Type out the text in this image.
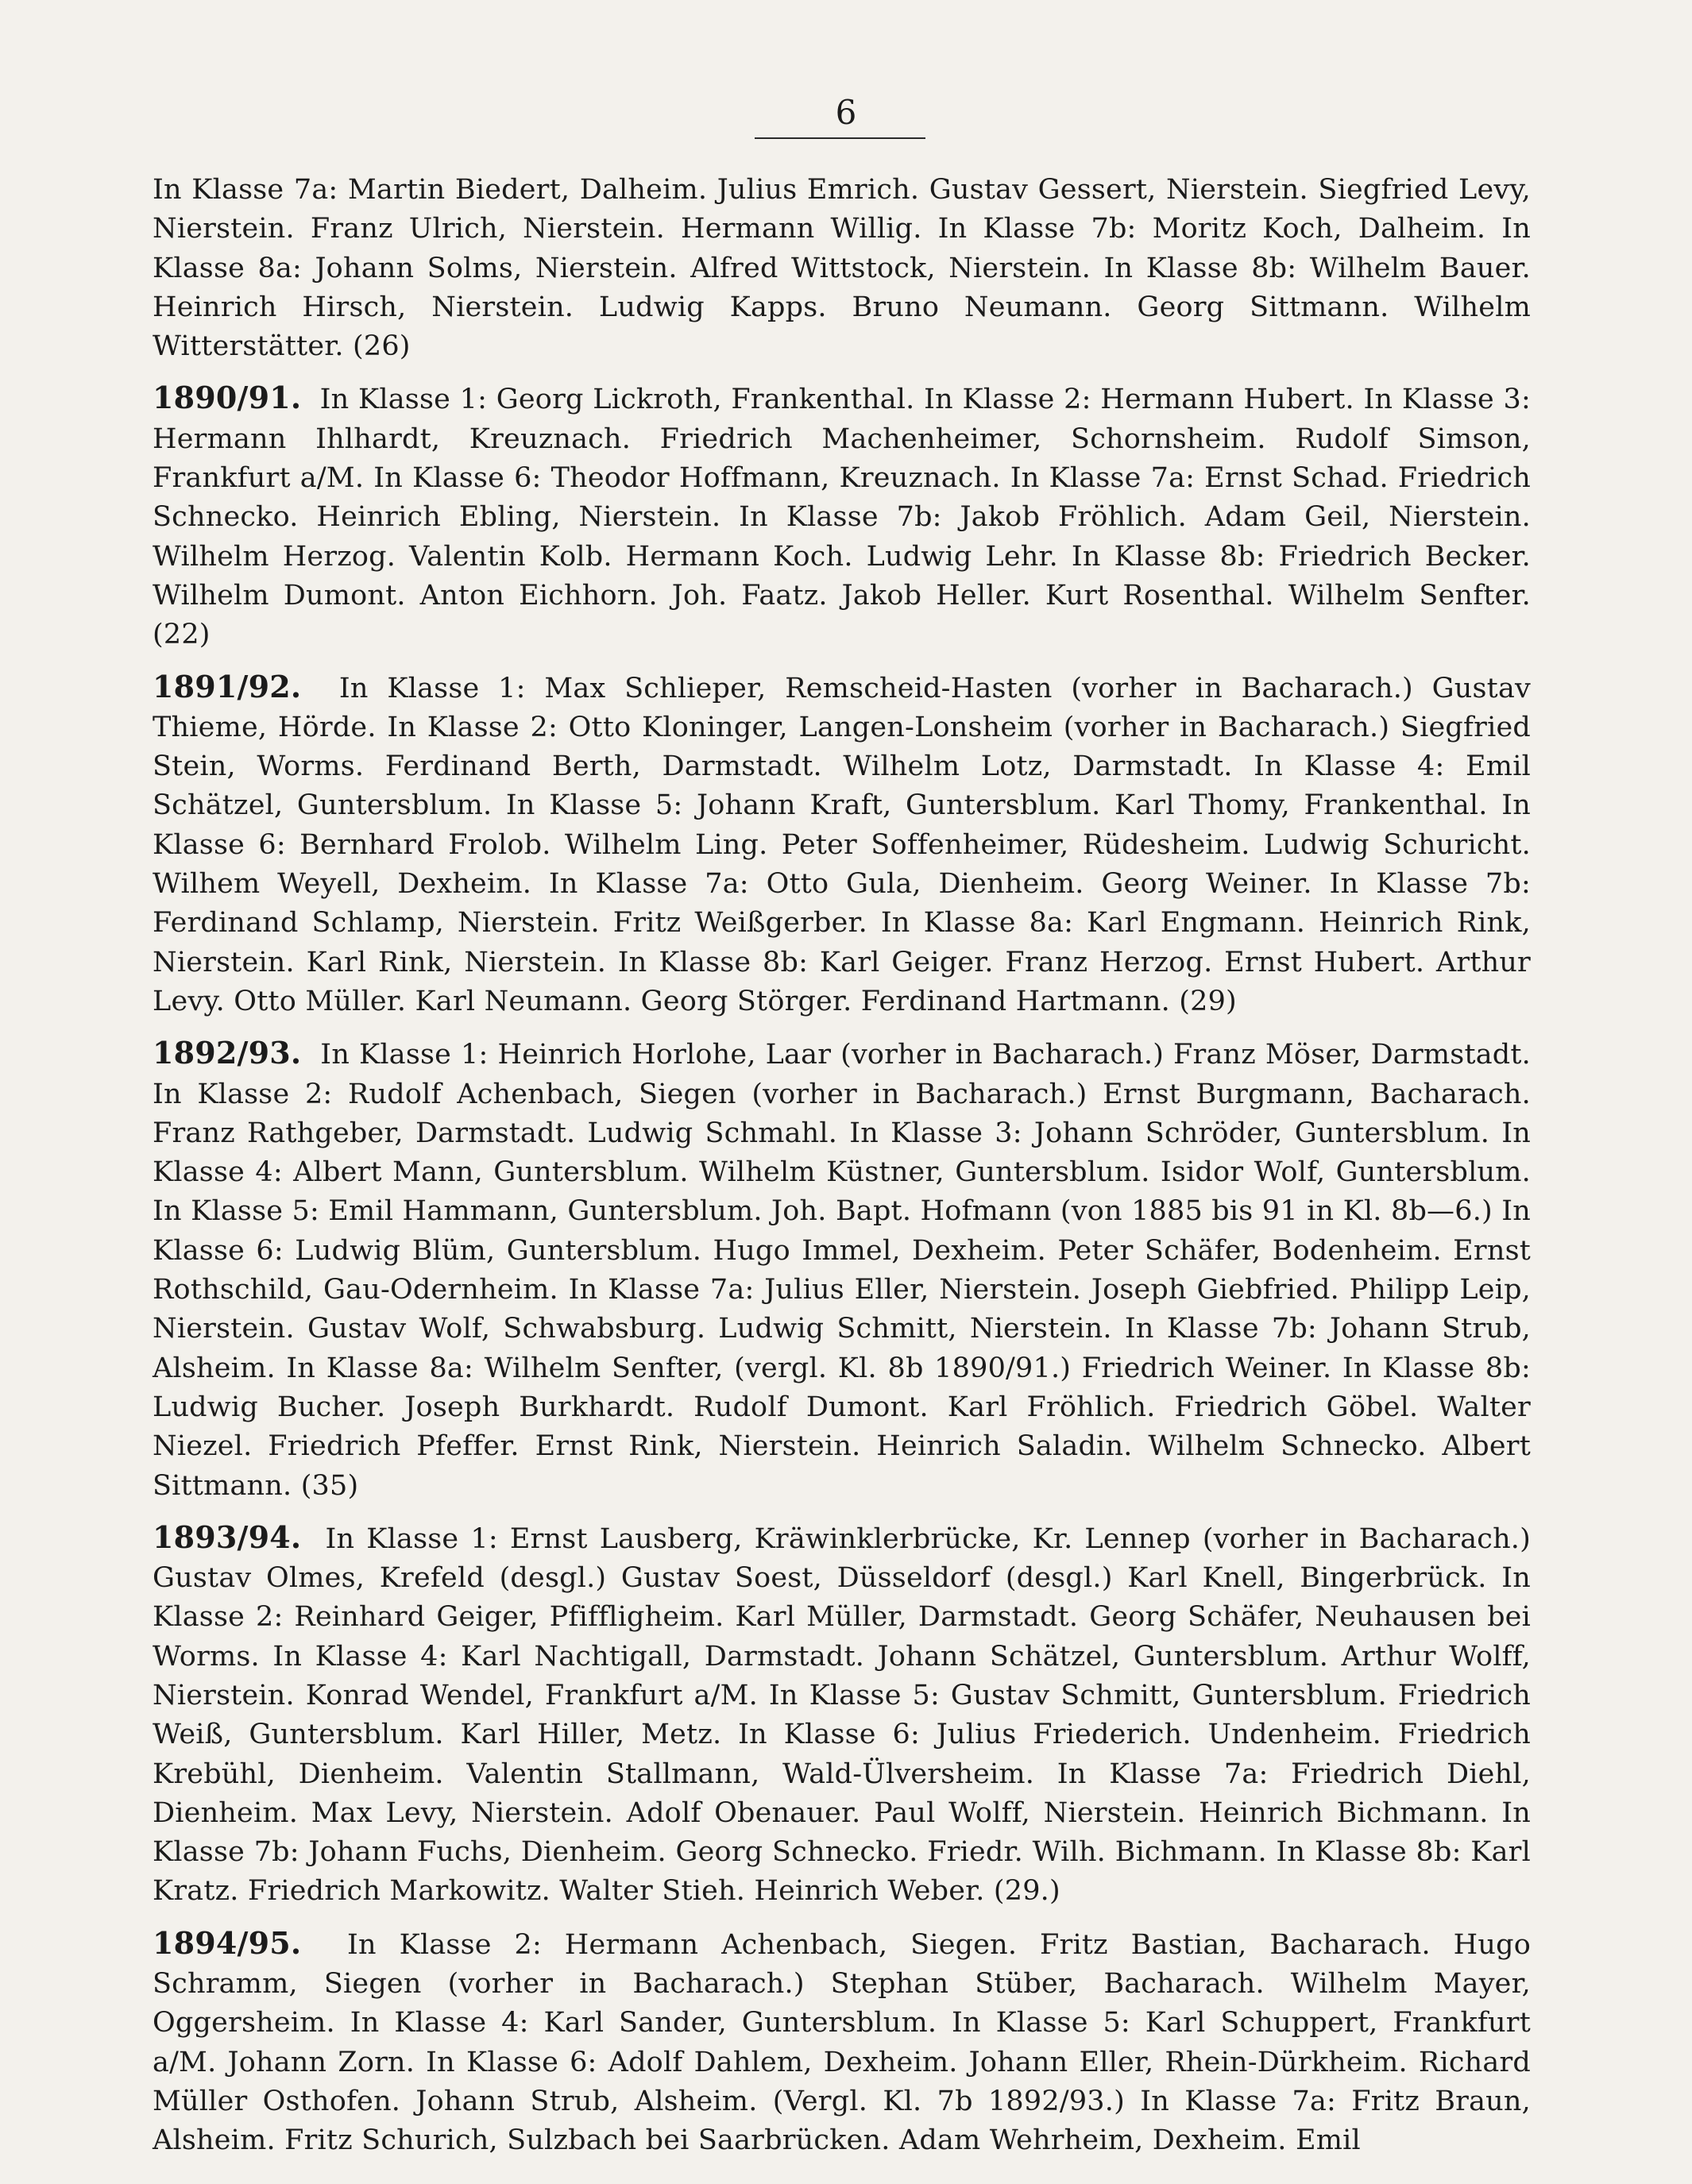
6

In Klasse 7a: Martin Biedert, Dalheim. Julius Emrich. Gustav Gessert, Nierstein. Siegfried Levy, Nierstein. Franz Ulrich, Nierstein. Hermann Willig. In Klasse 7b: Moritz Koch, Dalheim. In Klasse 8a: Johann Solms, Nierstein. Alfred Wittstock, Nierstein. In Klasse 8b: Wilhelm Bauer. Heinrich Hirsch, Nierstein. Ludwig Kapps. Bruno Neumann. Georg Sittmann. Wilhelm Witterstätter. (26)

1890/91. In Klasse 1: Georg Lickroth, Frankenthal. In Klasse 2: Hermann Hubert. In Klasse 3: Hermann Ihlhardt, Kreuznach. Friedrich Machenheimer, Schornsheim. Rudolf Simson, Frankfurt a/M. In Klasse 6: Theodor Hoffmann, Kreuznach. In Klasse 7a: Ernst Schad. Friedrich Schnecko. Heinrich Ebling, Nierstein. In Klasse 7b: Jakob Fröhlich. Adam Geil, Nierstein. Wilhelm Herzog. Valentin Kolb. Hermann Koch. Ludwig Lehr. In Klasse 8b: Friedrich Becker. Wilhelm Dumont. Anton Eichhorn. Joh. Faatz. Jakob Heller. Kurt Rosenthal. Wilhelm Senfter. (22)

1891/92. In Klasse 1: Max Schlieper, Remscheid-Hasten (vorher in Bacharach.) Gustav Thieme, Hörde. In Klasse 2: Otto Kloninger, Langen-Lonsheim (vorher in Bacharach.) Siegfried Stein, Worms. Ferdinand Berth, Darmstadt. Wilhelm Lotz, Darmstadt. In Klasse 4: Emil Schätzel, Guntersblum. In Klasse 5: Johann Kraft, Guntersblum. Karl Thomy, Frankenthal. In Klasse 6: Bernhard Frolob. Wilhelm Ling. Peter Soffenheimer, Rüdesheim. Ludwig Schuricht. Wilhem Weyell, Dexheim. In Klasse 7a: Otto Gula, Dienheim. Georg Weiner. In Klasse 7b: Ferdinand Schlamp, Nierstein. Fritz Weißgerber. In Klasse 8a: Karl Engmann. Heinrich Rink, Nierstein. Karl Rink, Nierstein. In Klasse 8b: Karl Geiger. Franz Herzog. Ernst Hubert. Arthur Levy. Otto Müller. Karl Neumann. Georg Störger. Ferdinand Hartmann. (29)

1892/93. In Klasse 1: Heinrich Horlohe, Laar (vorher in Bacharach.) Franz Möser, Darmstadt. In Klasse 2: Rudolf Achenbach, Siegen (vorher in Bacharach.) Ernst Burgmann, Bacharach. Franz Rathgeber, Darmstadt. Ludwig Schmahl. In Klasse 3: Johann Schröder, Guntersblum. In Klasse 4: Albert Mann, Guntersblum. Wilhelm Küstner, Guntersblum. Isidor Wolf, Guntersblum. In Klasse 5: Emil Hammann, Guntersblum. Joh. Bapt. Hofmann (von 1885 bis 91 in Kl. 8b—6.) In Klasse 6: Ludwig Blüm, Guntersblum. Hugo Immel, Dexheim. Peter Schäfer, Bodenheim. Ernst Rothschild, Gau-Odernheim. In Klasse 7a: Julius Eller, Nierstein. Joseph Giebfried. Philipp Leip, Nierstein. Gustav Wolf, Schwabsburg. Ludwig Schmitt, Nierstein. In Klasse 7b: Johann Strub, Alsheim. In Klasse 8a: Wilhelm Senfter, (vergl. Kl. 8b 1890/91.) Friedrich Weiner. In Klasse 8b: Ludwig Bucher. Joseph Burkhardt. Rudolf Dumont. Karl Fröhlich. Friedrich Göbel. Walter Niezel. Friedrich Pfeffer. Ernst Rink, Nierstein. Heinrich Saladin. Wilhelm Schnecko. Albert Sittmann. (35)

1893/94. In Klasse 1: Ernst Lausberg, Kräwinklerbrücke, Kr. Lennep (vorher in Bacharach.) Gustav Olmes, Krefeld (desgl.) Gustav Soest, Düsseldorf (desgl.) Karl Knell, Bingerbrück. In Klasse 2: Reinhard Geiger, Pfiffligheim. Karl Müller, Darmstadt. Georg Schäfer, Neuhausen bei Worms. In Klasse 4: Karl Nachtigall, Darmstadt. Johann Schätzel, Guntersblum. Arthur Wolff, Nierstein. Konrad Wendel, Frankfurt a/M. In Klasse 5: Gustav Schmitt, Guntersblum. Friedrich Weiß, Guntersblum. Karl Hiller, Metz. In Klasse 6: Julius Friederich. Undenheim. Friedrich Krebühl, Dienheim. Valentin Stallmann, Wald-Ülversheim. In Klasse 7a: Friedrich Diehl, Dienheim. Max Levy, Nierstein. Adolf Obenauer. Paul Wolff, Nierstein. Heinrich Bichmann. In Klasse 7b: Johann Fuchs, Dienheim. Georg Schnecko. Friedr. Wilh. Bichmann. In Klasse 8b: Karl Kratz. Friedrich Markowitz. Walter Stieh. Heinrich Weber. (29.)

1894/95. In Klasse 2: Hermann Achenbach, Siegen. Fritz Bastian, Bacharach. Hugo Schramm, Siegen (vorher in Bacharach.) Stephan Stüber, Bacharach. Wilhelm Mayer, Oggersheim. In Klasse 4: Karl Sander, Guntersblum. In Klasse 5: Karl Schuppert, Frankfurt a/M. Johann Zorn. In Klasse 6: Adolf Dahlem, Dexheim. Johann Eller, Rhein-Dürkheim. Richard Müller Osthofen. Johann Strub, Alsheim. (Vergl. Kl. 7b 1892/93.) In Klasse 7a: Fritz Braun, Alsheim. Fritz Schurich, Sulzbach bei Saarbrücken. Adam Wehrheim, Dexheim. Emil
